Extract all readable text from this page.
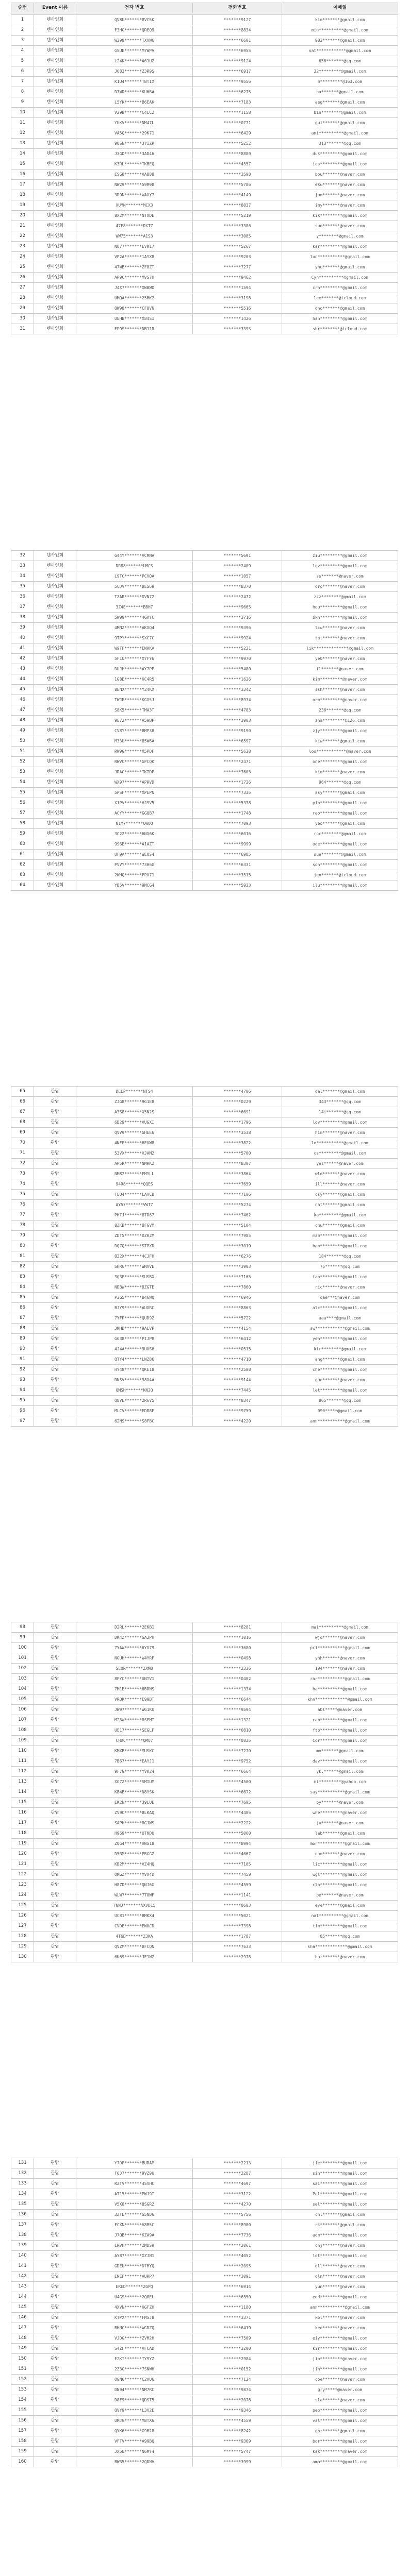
순번	Event 이름	전자 번호	전화번호	이메일
1	텐사인회	QV8U*******8VC5K	*******9127	kim*******@gmail.com
2	텐사인회	F3HG*******QREQ9	*******8834	min**********@gmail.com
3	텐사인회	W398*******TXVW6	*******6601	983*******@gmail.com
4	텐사인회	G5UE*******M7WPV	*******6955	nat************@gmail.com
5	텐사인회	L24K*******A61UZ	*******9124	656*******@qq.com
6	텐사인회	J683*******Z3R9S	*******6917	32*********@gmail.com
7	텐사인회	K1U4*******TBTIX	*******9556	m*********@163.com
8	텐사인회	D7WD*******KUHBA	*******6275	ha*******@gmail.com
9	텐사인회	L5YK*******B6EAK	*******7183	aeg*******@gmail.com
10	텐사인회	V29B*******C4LC2	*******1158	bin********@gmail.com
11	텐사인회	YUKV*******NM47L	*******0771	gui*******@gmail.com
12	텐사인회	VA5Q*******29K71	*******6429	ani**********@gmail.com
13	텐사인회	9QSN*******3YIZR	*******5252	313*******@qq.com
14	텐사인회	J3GD*******3AD46	*******8889	duk*********@gmail.com
15	텐사인회	K3RL*******TKBEQ	*******4557	ios*********@gmail.com
16	텐사인회	ESG8*******VAB88	*******3598	bou*******@naver.com
17	텐사인회	NW29*******59M98	*******5786	eku*******@naver.com
18	텐사인회	3R9N*******WAXY7	*******4149	jum*******@naver.com
19	텐사인회	XUMN*******MCX3	*******8837	imy*******@naver.com
20	텐사인회	8X2M*******NTXDE	*******5219	kik*********@gmail.com
21	텐사인회	47F8*******DXT7	*******3386	sun*******@naver.com
22	텐사인회	WW75*******A1S3	*******3085	y********@gmail.com
23	텐사인회	NU77*******EVK17	*******5267	kar*********@gmail.com
24	텐사인회	VP2A*******1AYX8	*******9203	lun***********@gmail.com
25	텐사인회	47WB*******ZF8ZT	*******7277	yhu*******@gmail.com
26	텐사인회	AP9C*******MVS7H	*******9462	Cyn**********@gmail.com
27	텐사인회	J4X7*******XWBWD	*******1594	crh*********@gmail.com
28	텐사인회	UMQA*******25MK2	*******3198	lee*******@icloud.com
29	텐사인회	QW98*******CF8VN	*******5516	dno*******@gmail.com
30	텐사인회	UEHB*******X84S1	*******1426	han*********@gmail.com
31	텐사인회	EP9S*******NB11R	*******3393	shr********@icloud.com
32	텐사인회	G44Y*******VCMNA	*******5691	ziu*********@gmail.com
33	텐사인회	DR88*******UMCS	*******2409	lov*********@gmail.com
34	텐사인회	L9TC*******PCVQA	*******1057	ss*******@naver.com
35	텐사인회	5CDV*******8ES69	*******8370	oro*******@naver.com
36	텐사인회	TZAR*******DVN72	*******2472	zzz********@gmail.com
37	텐사인회	3Z4E*******BBH7	*******9665	hou*********@gmail.com
38	텐사인회	5W99*******4GAYC	*******3716	bkh*********@gmail.com
39	텐사인회	4MNZ*******AKXQ4	*******9396	lcw*******@naver.com
40	텐사인회	9TPY*******SXC7C	*******9924	tnt*******@naver.com
41	텐사인회	W9TF*******EWAKA	*******5221	lik**************@gmail.com
42	텐사인회	5F1U*******XYFY6	*******9970	ye0*******@naver.com
43	텐사인회	DUJH*******AY7PP	*******5480	fl*******@naver.com
44	텐사인회	1G8E*******KC4R5	*******1626	kim*********@naver.com
45	텐사인회	8ENX*******Y24KX	*******3342	ssh*******@naver.com
46	텐사인회	TWJE*******KGX5J	*******8934	nrm*********@naver.com
47	텐사인회	S8K5*******TMA3T	*******4783	236*******@qq.com
48	텐사인회	9E72*******A5WBP	*******3903	zha*********@126.com
49	텐사인회	CV8Y*******BMP38	*******9190	zjy*********@gmail.com
50	텐사인회	M33U*******85W6A	*******6597	kiw*******@gmail.com
51	텐사인회	RW9G*******X5PDF	*******5628	los************@naver.com
52	텐사인회	RWVC*******GPCQK	*******2471	one*********@gmail.com
53	텐사인회	JRAC*******TKTDP	*******7603	kim*******@naver.com
54	텐사인회	WX97*******APRVD	*******1726	964*******@qq.com
55	텐사인회	5PSF*******XPEPN	*******7335	asy*******@gmail.com
56	텐사인회	X1PV*******HJ9V5	*******5338	pin*********@gmail.com
57	텐사인회	ACYY*******GGQB7	*******1748	reo*********@gmail.com
58	텐사인회	N1M7*******6WQQ	*******7093	yeo*******@gmail.com
59	텐사인회	3C22*******6NX6K	*******6016	roc********@gmail.com
60	텐사인회	9S6E*******A1AZT	*******9999	ode*********@gmail.com
61	텐사인회	UF9A*******WEUS4	*******6985	sue********@gmail.com
62	텐사인회	PVVY*******73H6G	*******6331	son*********@gmail.com
63	텐사인회	2WHQ*******FPV71	*******3515	jen*******@icloud.com
64	텐사인회	YB5V*******9MCG4	*******5933	ilu*********@gmail.com
65	관람	DELP*******NTS4	*******4706	dal*******@gmail.com
66	관람	ZJG8*******9G1E8	*******0229	343*******@qq.com
67	관람	A3S8*******X5N2S	*******6691	14i*******@qq.com
68	관람	6B29*******VUGXI	*******1796	lov*********@gmail.com
69	관람	QVV9*******GHEE6	*******3538	him*******@naver.com
70	관람	4NEF*******6EVW8	*******3822	lo***********@gmail.com
71	관람	53VX*******XJAM2	*******5700	cs*********@gmail.com
72	관람	AP5R*******NMRK2	*******8307	yel******@naver.com
73	관람	NM82*******FMYLL	*******3864	wld*******@naver.com
74	관람	94R8*******QQES	*******7659	ill*******@naver.com
75	관람	TEQ4*******LAVCB	*******7106	csy*******@gmail.com
76	관람	AY57*******VWT7	*******5274	nat*******@gmail.com
77	관람	PHTJ*******8TR67	*******7462	ka*********@gmail.com
78	관람	8ZKB*******BFGVM	*******5104	chu*******@gmail.com
79	관람	ZDT5*******DZH2M	*******7985	mam*********@gmail.com
80	관람	DQ7Q*******STPXD	*******3019	han*********@gmail.com
81	관람	832X*******4CJFH	*******6276	184*******@qq.com
82	관람	SHR6*******WNVVE	*******3903	75*******@qq.com
83	관람	3Q3F*******SUSBX	*******7165	tan*********@gmail.com
84	관람	NDBW*******8ZGTE	*******7860	ric*******@naver.com
85	관람	P3G5*******B46WQ	*******6946	dae***@naver.com
86	관람	BJY9*******AUXRC	*******8863	alc*********@gmail.com
87	관람	7YFP*******QUD9Z	*******5722	aaa****@gmail.com
88	관람	3MHD*******9ALVP	*******4154	sw************@gmail.com
89	관람	GG38*******PIJPR	*******6412	yeh*********@gmail.com
90	관람	4J4A*******9UVS6	*******0515	kir********@gmail.com
91	관람	QTY4*******LWZ86	*******4718	ang*******@gmail.com
92	관람	HY48*******QKE18	*******2508	che*********@gmail.com
93	관람	RNSV*******98X4A	*******9144	gae*******@naver.com
94	관람	QMSH*******KN2Q	*******7445	let*********@gmail.com
95	관람	Q8VE*******2R6V5	*******8347	865*******@qq.com
96	관람	MLCV*******EDR8F	*******9759	090*****@gmail.com
97	관람	62NS*******S8FBC	*******4220	ann***********@gmail.com
98	관람	D2RL*******2EKB1	*******8281	mai**********@gmail.com
99	관람	DK4Z*******GA2PH	*******1016	wjd*******@naver.com
100	관람	7YAW*******6YV79	*******3680	pri***********@gmail.com
101	관람	NGUH*******W4YRF	*******0498	yhh*******@naver.com
102	관람	SEQR*******ZXM8	*******2336	194*******@naver.com
103	관람	8PYC*******UNTV1	*******0402	rar***********@gmail.com
104	관람	7M1E*******6BRNS	*******1334	ha**********@gmail.com
105	관람	VRQK*******E99BT	*******6644	khn*************@gmail.com
106	관람	JW97*******WG1KU	*******9594	abl*****@naver.com
107	관람	M23W*******8SEMT	*******1321	rab*********@gmail.com
108	관람	UE17*******SEGLF	*******0810	ftb*********@gmail.com
109	관람	CHDC*******QMQ7	*******0835	Cor*********@gmail.com
110	관람	KMXB*******MUSKC	*******7270	mo*******@gmail.com
111	관람	7B67*******EAYJ1	*******9752	dav*********@gmail.com
112	관람	9F7G*******YVH24	*******6664	yk.******@gmail.com
113	관람	XG7Z*******SMIUM	*******4500	mi*********@yahoo.com
114	관람	KB4B*******N8YSK	*******6672	say***********@gmail.com
115	관람	EK2N*******39LUE	*******7695	by*******@naver.com
116	관람	ZV9C*******8LKAQ	*******4405	whe*********@naver.com
117	관람	SAPH*******8GJWS	*******2222	ju*******@naver.com
118	관람	H969*******UTKDU	*******5060	lab*******@gmail.com
119	관람	ZQG4*******HWS18	*******8994	mor***********@gmail.com
120	관람	D5BM*******PBGGZ	*******4667	nam*******@naver.com
121	관람	KB2M*******VZ4HQ	*******7105	lic*********@gmail.com
122	관람	QMGZ*******MVX4D	*******7459	wgl*********@gmail.com
123	관람	H8ZD*******QNJ6G	*******4559	clo*********@gmail.com
124	관람	WLW7*******7T8WF	*******1141	pe*******@naver.com
125	관람	7NNJ*******AXVD15	*******0603	eve*******@gmail.com
126	관람	UC81*******BMKX4	*******5021	nat**********@gmail.com
127	관람	CVDE*******EWUCD	*******7398	tim*********@gmail.com
128	관람	4T6D*******Z3KA	*******1787	85*******@qq.com
129	관람	QVZM*******8FCQN	*******7633	sha*************@gmail.com
130	관람	6K69*******JE1NZ	*******2978	har*******@naver.com
131	관람	Y7DF*******BURAM	*******2213	jie*********@gmail.com
132	관람	F637*******9VZ9U	*******2287	sin*********@gmail.com
133	관람	RZTV*******4SVHC	*******4697	sai*********@gmail.com
134	관람	AT15*******PWJ9T	*******3122	Pol*********@gmail.com
135	관람	V5X8*******8SGRZ	*******4270	sel*********@gmail.com
136	관람	3ZTE*******G5ND6	*******5756	chl*******@gmail.com
137	관람	FCXN*******V8M5C	*******8900	rk********@gmail.com
138	관람	J7QB*******KZA9A	*******7736	adm*********@gmail.com
139	관람	LRVH*******ZMDS9	*******2061	chj*******@naver.com
140	관람	AY87*******XZJN1	*******4052	let*********@gmail.com
141	관람	GDEU*******D7MYQ	*******2095	dll*******@naver.com
142	관람	ENEF*******AURP7	*******3091	oln*******@naver.com
143	관람	ERED*******ZGPQ	*******6914	yun*******@naver.com
144	관람	U4GS*******2Q8EL	*******6550	eod*********@gmail.com
145	관람	4XVN*******KGFZH	*******1180	ann***********@gmail.com
146	관람	KTPX*******FMSJ8	*******3371	kbl*******@naver.com
147	관람	BHNC*******WGDZQ	*******6419	kee*******@naver.com
148	관람	VJDG*******ZVM2H	*******7509	eiy*********@gmail.com
149	관람	S4ZF*******VFCAD	*******3200	kir*********@gmail.com
150	관람	F2KT*******TY9YZ	*******2984	jin*********@naver.com
151	관람	2Z3G*******7SNWH	*******0152	jih*********@gmail.com
152	관람	QGN6*******C2AU6	*******7124	coe*******@naver.com
153	관람	DN94*******NM7RC	*******9874	gry*****@naver.com
154	관람	D8F9*******QDST5	*******2078	sla*******@naver.com
155	관람	QVY9*******L3V2E	*******9346	pep*********@gmail.com
156	관람	UMJG*******M8TX6	*******4559	val*********@gmail.com
157	관람	QYK6*******G9M28	*******8242	ghr*******@gmail.com
158	관람	VFTV*******A99BQ	*******9369	bor*********@gmail.com
159	관람	JX5N*******N6MY4	*******5747	kak*********@naver.com
160	관람	BW35*******2QDNV	*******3999	ama*********@gmail.com
